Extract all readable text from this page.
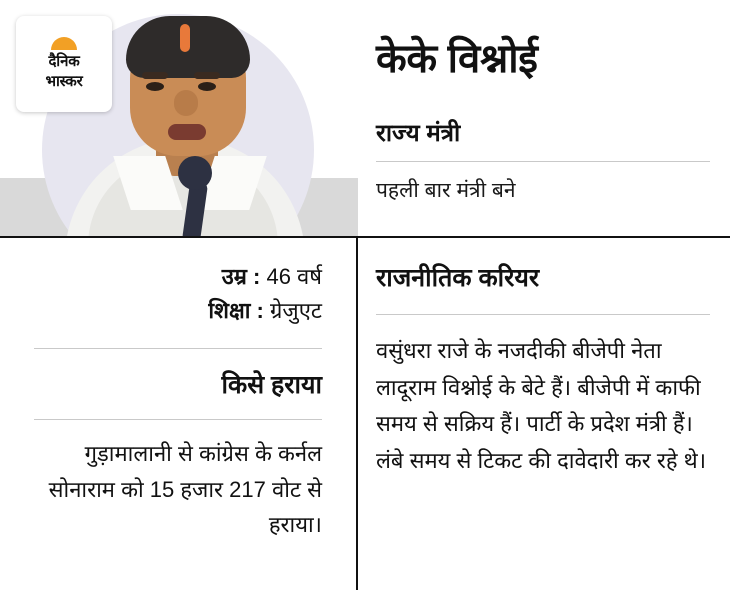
दैनिक
भास्कर
केके विश्नोई
राज्य मंत्री
पहली बार मंत्री बने
उम्र : 46 वर्ष
शिक्षा : ग्रेजुएट
किसे हराया
गुड़ामालानी से कांग्रेस के कर्नल सोनाराम को 15 हजार 217 वोट से हराया।
राजनीतिक करियर
वसुंधरा राजे के नजदीकी बीजेपी नेता लादूराम विश्नोई के बेटे हैं। बीजेपी में काफी समय से सक्रिय हैं। पार्टी के प्रदेश मंत्री हैं। लंबे समय से टिकट की दावेदारी कर रहे थे।
